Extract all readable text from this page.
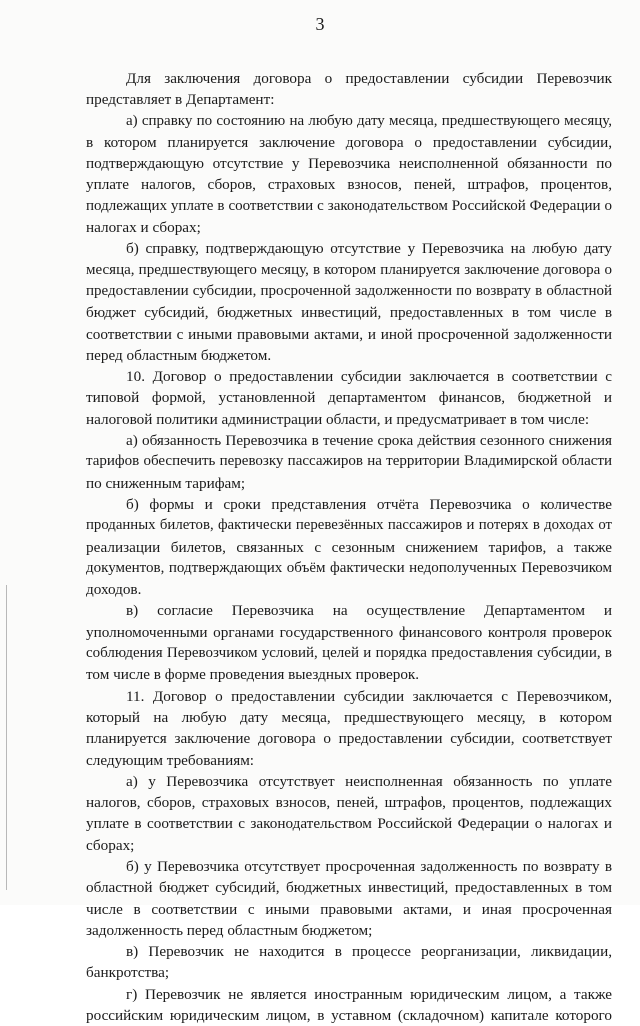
3
Для заключения договора о предоставлении субсидии Перевозчик
представляет в Департамент:
а) справку по состоянию на любую дату месяца, предшествующего месяцу,
в котором планируется заключение договора о предоставлении субсидии,
подтверждающую отсутствие у Перевозчика неисполненной обязанности по
уплате налогов, сборов, страховых взносов, пеней, штрафов, процентов,
подлежащих уплате в соответствии с законодательством Российской Федерации о
налогах и сборах;
б) справку, подтверждающую отсутствие у Перевозчика на любую дату
месяца, предшествующего месяцу, в котором планируется заключение договора о
предоставлении субсидии, просроченной задолженности по возврату в областной
бюджет субсидий, бюджетных инвестиций, предоставленных в том числе в
соответствии с иными правовыми актами, и иной просроченной задолженности
перед областным бюджетом.
10. Договор о предоставлении субсидии заключается в соответствии с
типовой формой, установленной департаментом финансов, бюджетной и
налоговой политики администрации области, и предусматривает в том числе:
а) обязанность Перевозчика в течение срока действия сезонного снижения
тарифов обеспечить перевозку пассажиров на территории Владимирской области
по сниженным тарифам;
б) формы и сроки представления отчёта Перевозчика о количестве
проданных билетов, фактически перевезённых пассажиров и потерях в доходах от
реализации билетов, связанных с сезонным снижением тарифов, а также
документов, подтверждающих объём фактически недополученных Перевозчиком
доходов.
в) согласие Перевозчика на осуществление Департаментом и
уполномоченными органами государственного финансового контроля проверок
соблюдения Перевозчиком условий, целей и порядка предоставления субсидии, в
том числе в форме проведения выездных проверок.
11. Договор о предоставлении субсидии заключается с Перевозчиком,
который на любую дату месяца, предшествующего месяцу, в котором
планируется заключение договора о предоставлении субсидии, соответствует
следующим требованиям:
а) у Перевозчика отсутствует неисполненная обязанность по уплате
налогов, сборов, страховых взносов, пеней, штрафов, процентов, подлежащих
уплате в соответствии с законодательством Российской Федерации о налогах и
сборах;
б) у Перевозчика отсутствует просроченная задолженность по возврату в
областной бюджет субсидий, бюджетных инвестиций, предоставленных в том
числе в соответствии с иными правовыми актами, и иная просроченная
задолженность перед областным бюджетом;
в) Перевозчик не находится в процессе реорганизации, ликвидации,
банкротства;
г) Перевозчик не является иностранным юридическим лицом, а также
российским юридическим лицом, в уставном (складочном) капитале которого
